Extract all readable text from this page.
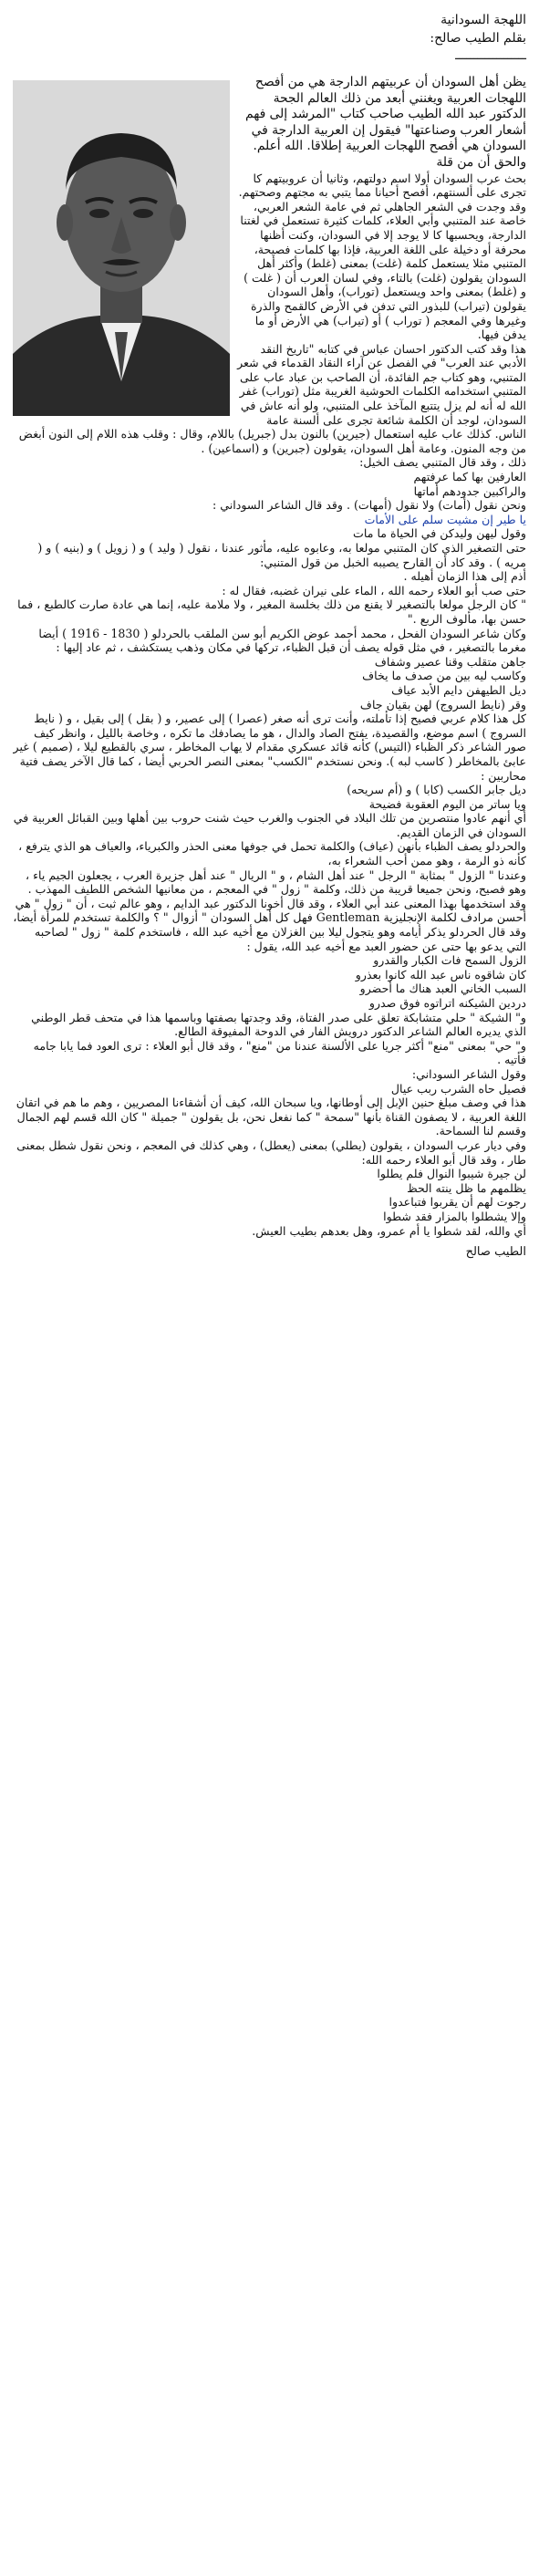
اللهجة السودانية

بقلم الطيب صالح:

ـــــــــــــــــــ

يظن أهل السودان أن عربيتهم الدارجة هي من أفصح اللهجات العربية ويغنني أبعد من ذلك العالم الجحة الدكتور عبد الله الطيب صاحب كتاب "المرشد إلى فهم أشعار العرب وصناعتها" فيقول إن العربية الدارجة في السودان هي أفصح اللهجات العربية إطلاقا. الله أعلم. والحق أن من قلة

بحث عرب السودان أولا اسم دولتهم، وثانيا أن عروبيتهم كا تجرى على ألسنتهم، أفصح أحيانا مما يتبي به مجتهم وصحتهم.

وقد وجدت في الشعر الجاهلي ثم في عامة الشعر العربي، خاصة عند المتنبي وأبي العلاء، كلمات كثيرة تستعمل في لغتنا الدارجة، ويحسبها كا لا يوجد إلا في السودان، وكنت أظنها محرفة أو دخيلة على اللغة العربية، فإذا بها كلمات فصيحة، المتنبي مثلا يستعمل كلمة (غلت) بمعنى (غلط) وأكثر أهل السودان يقولون (غلت) بالتاء، وفي لسان العرب أن ( غلت ) و (غلط) بمعنى واحد ويستعمل (توراب)، وأهل السودان يقولون (تيراب) للبذور التي تدفن في الأرض كالقمح والذرة وغيرها وفي المعجم ( توراب ) أو (تيراب) هي الأرض أو ما يدفن فيها.

هذا وقد كتب الدكتور احسان عباس في كتابه "تاريخ النقد الأدبي عند العرب" في الفصل عن آراء النقاد القدماء في شعر المتنبي، وهو كتاب جم الفائدة، أن الصاحب بن عباد عاب على المتنبي استخدامه الكلمات الحوشية الغريبة مثل (توراب) غفر الله له أنه لم يزل يتتبع المآخذ على المتنبي، ولو أنه عاش في السودان، لوجد أن الكلمة شائعة تجرى على ألسنة عامة الناس. كذلك عاب عليه استعمال (جيرين) بالنون بدل (جبريل) باللام، وقال : وقلب هذه اللام إلى النون أبغض من وجه المنون. وعامة أهل السودان، يقولون (جبرين) و (اسماعين) .

ذلك ، وقد قال المتنبي يصف الخيل:

العارفين بها كما عرفتهم

والراكبين جدودهم أماتها

ونحن نقول (أمات) ولا نقول (أمهات) . وقد قال الشاعر السوداني :

يا طير إن مشيت سلم على الأمات

وقول ليهن وليدكن في الحياة ما مات

حتى التصغير الذي كان المتنبي مولعا به، وعابوه عليه، مأثور عندنا ، نقول ( وليد ) و ( زويل ) و (بنيه ) و ( مريه ) . وقد كاد أن القارح يصيبه الخبل من قول المتنبي:

أذم إلى هذا الزمان أهيله .

حتى صب أبو العلاء رحمه الله ، الماء على نيران غضبه، فقال له :

" كان الرجل مولعا بالتصغير لا يقنع من ذلك بخلسة المغير ، ولا ملامة عليه، إنما هي عادة صارت كالطبع ، فما حسن بها، مألوف الربع ."

وكان شاعر السودان الفحل ، محمد أحمد عوض الكريم أبو سن الملقب بالحردلو ( 1830 - 1916 ) أيضا مغرما بالتصغير ، في مثل قوله يصف أن قبل الظباء، تركها في مكان وذهب يستكشف ، ثم عاد إليها :

جاهن متقلب وقنا عصير وشفاف

وكاسب ليه بين من صدف ما يخاف

ديل الطيهفن دايم الأبد عياف

وقر (نايط السروج) لهن بقيان جاف

كل هذا كلام عربي فصيح إذا تأملته، وأنت ترى أنه صغر (عصرا ) إلى عصير، و ( بقل ) إلى بقيل ، و ( نايط السروج ) اسم موضع، والقصيدة، يفتح الصاد والدال ، هو ما يصادفك ما تكره ، وخاصة بالليل ، وانظر كيف صور الشاعر ذكر الظباء (التيس) كأنه قائد عسكري مقدام لا يهاب المخاطر ، سري بالقطيع ليلا ، (صميم ) غير عابئ بالمخاطر ( كاسب لبه ). ونحن نستخدم "الكسب" بمعنى النصر الحربي أيضا ، كما قال الآخر يصف فتية محاربين :

ديل جابر الكسب (كابا ) و (أم سريحه)

ويا ساتر من اليوم العقوبة فضيحة

أي أنهم عادوا منتصرين من تلك البلاد في الجنوب والغرب حيث شنت حروب بين أهلها وبين القبائل العربية في السودان في الزمان القديم.

والحردلو يصف الظباء بأنهن (عياف) والكلمة تحمل في جوفها معنى الحذر والكبرياء، والعياف هو الذي يترفع ، كأنه ذو الرمة ، وهو ممن أحب الشعراء به،

وعندنا " الزول " بمثابة " الرجل " عند أهل الشام ، و " الريال " عند أهل جزيرة العرب ، يجعلون الجيم ياء ، وهو فصيح، ونحن جميعا قريبة من ذلك، وكلمة " زول " في المعجم ، من معانيها الشخص اللطيف المهذب . وقد استخدمها بهذا المعنى عند أبي العلاء ، وقد قال أخونا الدكتور عبد الدايم ، وهو عالم ثبت ، أن " زول " هي أحسن مرادف لكلمة الإنجليزية Gentleman فهل كل أهل السودان " أزوال " ؟ والكلمة تستخدم للمرأة أيضا، وقد قال الحردلو يذكر أيامه وهو يتجول ليلا بين الغزلان مع أخيه عبد الله ، فاستخدم كلمة " زول " لصاحبه التي يدعو بها حتى عن حضور العبد مع أخيه عبد الله، يقول :

الزول السمح فات الكبار والقدرو

كان شاقوه ناس عبد الله كانوا بعذرو

السبب الخاني العبد هناك ما أحضرو

دردين الشيكنه اتراتوه فوق صدرو

و" الشيكة " حلي متشابكة تعلق على صدر الفتاة، وقد وجدتها بصفتها وباسمها هذا في متحف قطر الوطني الذي يديره العالم الشاعر الدكتور درويش الفار في الدوحة المفيوقة الطالع.

و" حي" بمعنى "منع" أكثر جريا على الألسنة عندنا من "منع" ، وقد قال أبو العلاء : ترى العود فما يابا جامه فأتيه .

وقول الشاعر السوداني:

فصيل حاه الشرب ربب عيال

هذا في وصف مبلغ حنين الإبل إلى أوطانها، ويا سبحان الله، كيف أن أشقاءنا المصريين ، وهم ما هم في اتقان اللغة العربية ، لا يصفون القناة بأنها "سمحة " كما نفعل نحن، بل يقولون " جميلة " كان الله قسم لهم الجمال وقسم لنا السماحة.

وفي ديار عرب السودان ، يقولون (يطلي) بمعنى (يعطل) ، وهي كذلك في المعجم ، ونحن نقول شطل بمعنى طار ، وقد قال أبو العلاء رحمه الله:

لن جيرة شيبوا النوال فلم يطلوا

يظلمهم ما ظل ينته الحظ

رجوت لهم أن يقربوا فتباعدوا

وإلا يشطلوا بالمزار فقد شطوا

أي والله، لقد شطوا يا أم عمرو، وهل بعدهم بطيب العيش.

الطيب صالح
